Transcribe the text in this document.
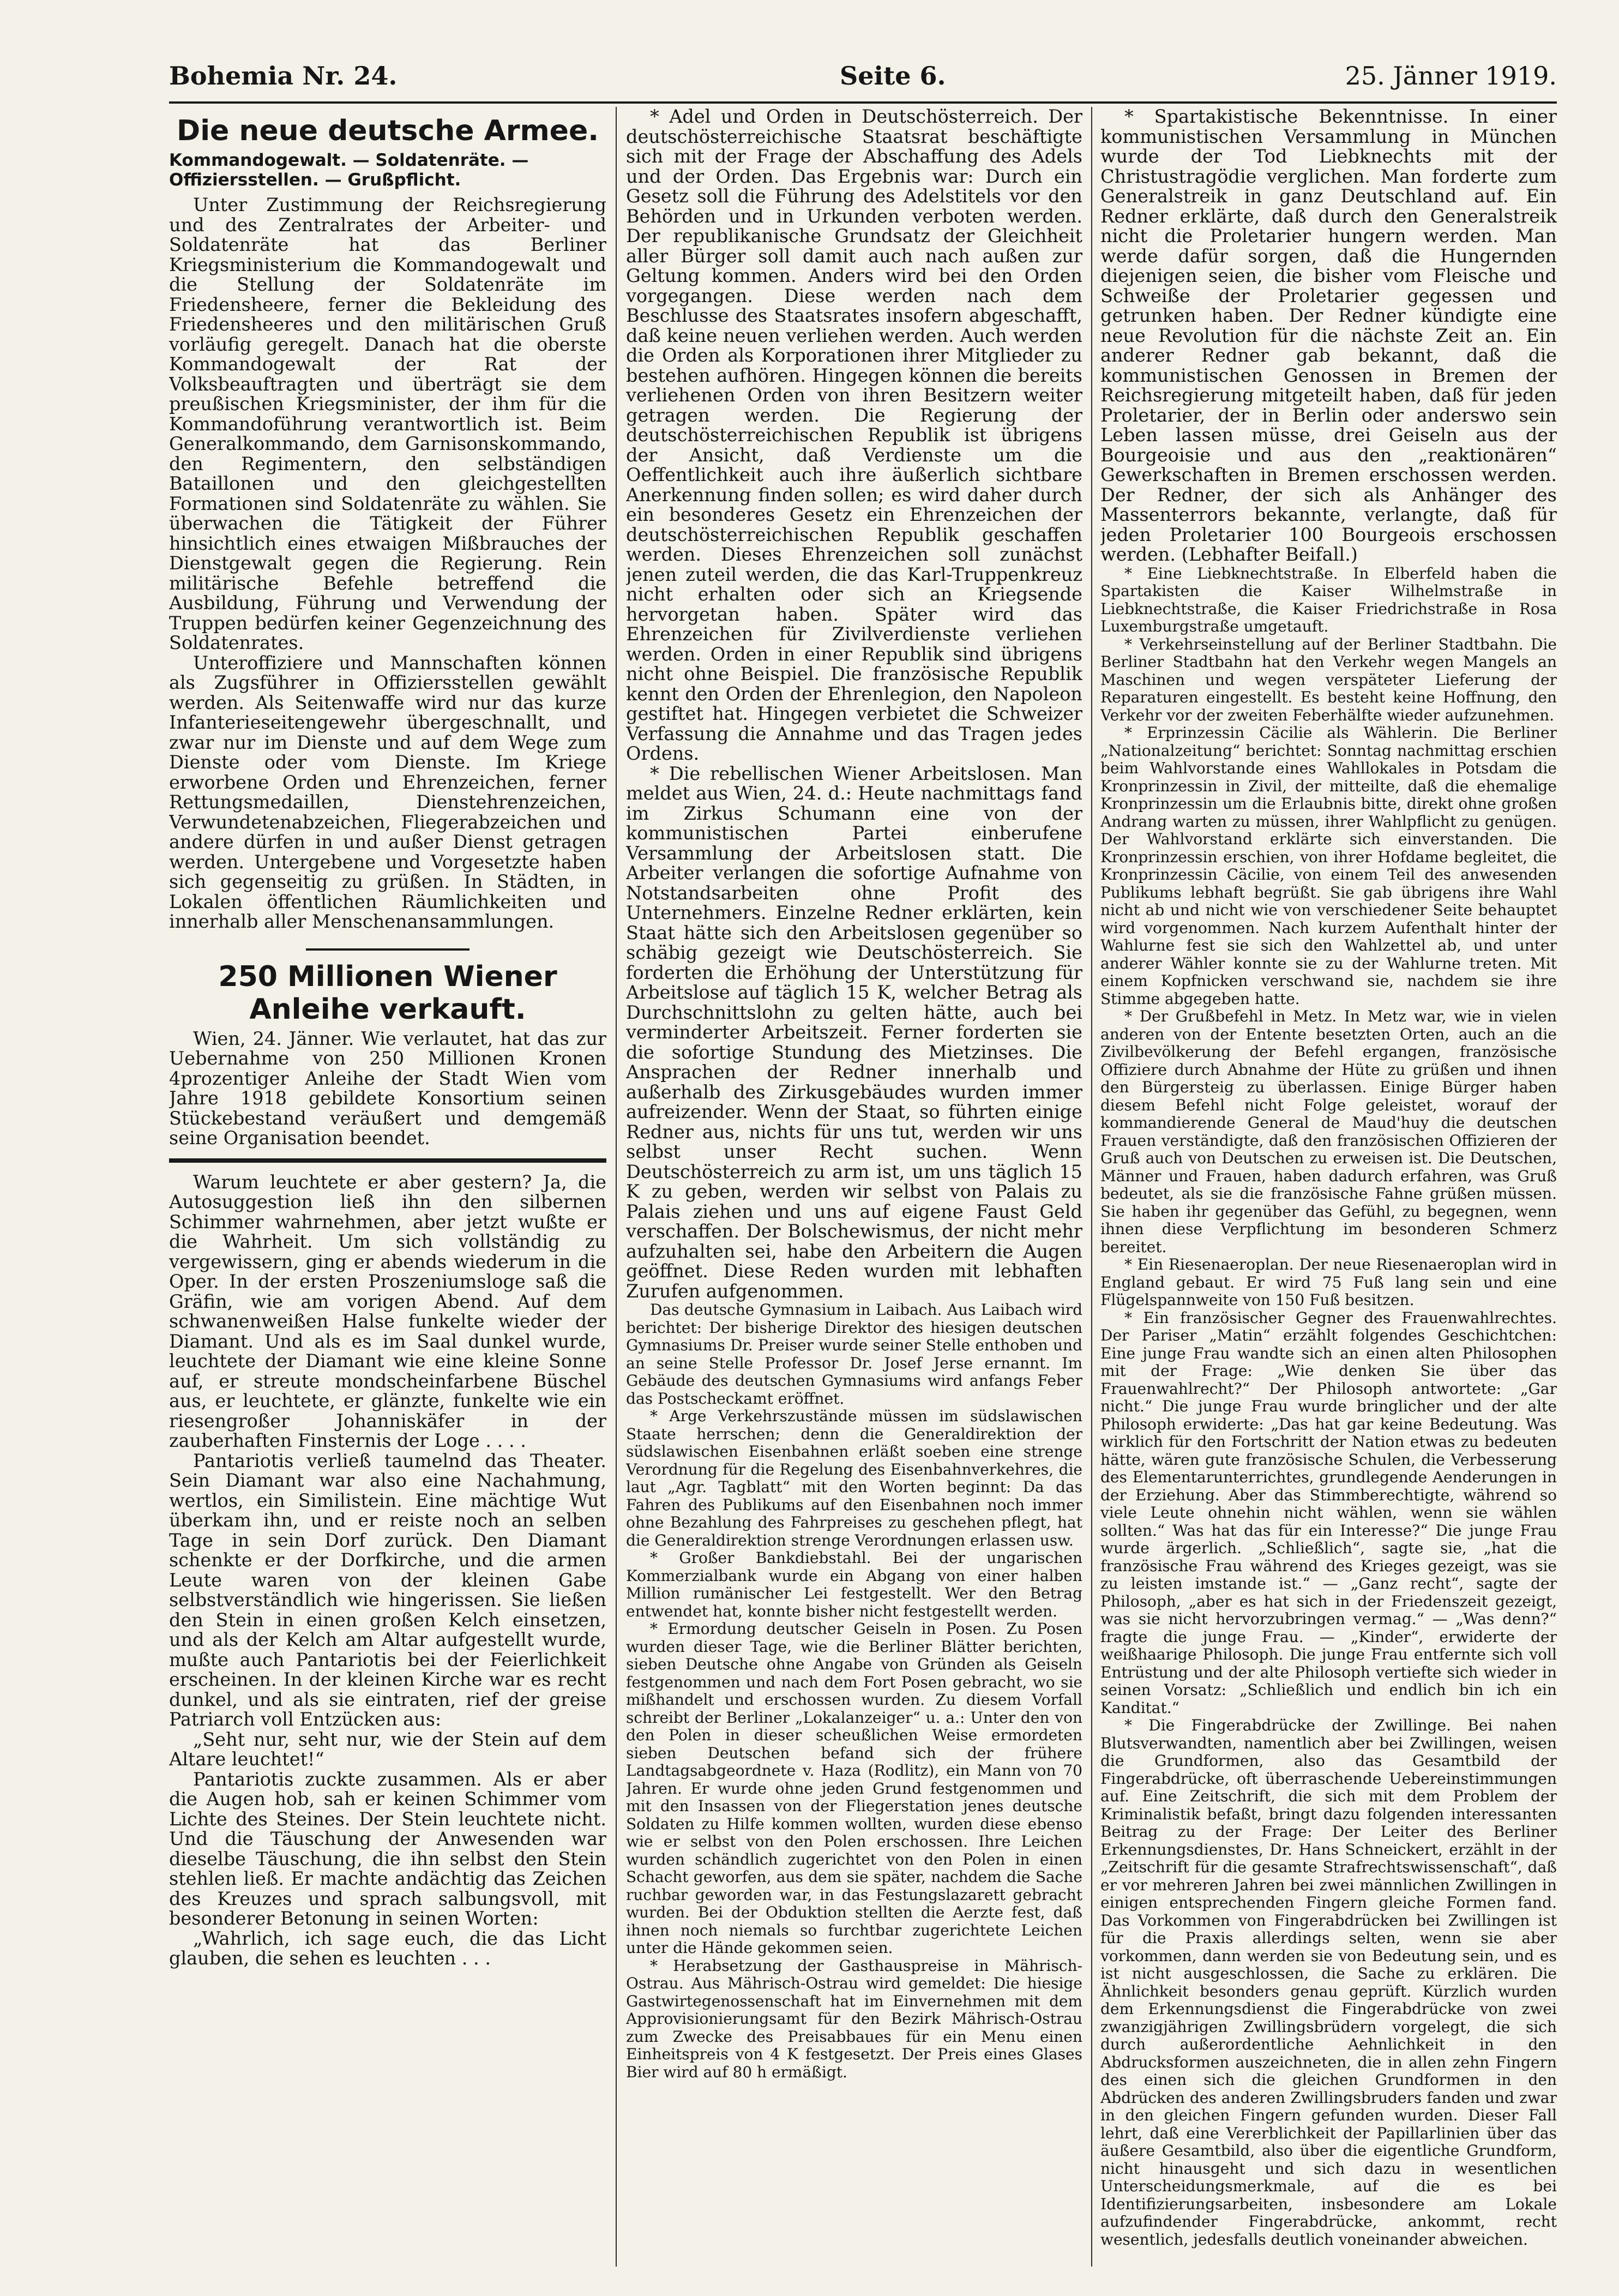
Bohemia Nr. 24.	Seite 6.	25. Jänner 1919.
Die neue deutsche Armee.
Kommandogewalt. — Soldatenräte. — Offiziersstellen. — Grußpflicht.

Unter Zustimmung der Reichsregierung und des Zentralrates der Arbeiter- und Soldatenräte hat das Berliner Kriegsministerium die Kommandogewalt und die Stellung der Soldatenräte im Friedensheere, ferner die Bekleidung des Friedensheeres und den militärischen Gruß vorläufig geregelt. Danach hat die oberste Kommandogewalt der Rat der Volksbeauftragten und überträgt sie dem preußischen Kriegsminister, der ihm für die Kommandoführung verantwortlich ist. Beim Generalkommando, dem Garnisonskommando, den Regimentern, den selbständigen Bataillonen und den gleichgestellten Formationen sind Soldatenräte zu wählen. Sie überwachen die Tätigkeit der Führer hinsichtlich eines etwaigen Mißbrauches der Dienstgewalt gegen die Regierung. Rein militärische Befehle betreffend die Ausbildung, Führung und Verwendung der Truppen bedürfen keiner Gegenzeichnung des Soldatenrates.

Unteroffiziere und Mannschaften können als Zugsführer in Offiziersstellen gewählt werden. Als Seitenwaffe wird nur das kurze Infanterieseitengewehr übergeschnallt, und zwar nur im Dienste und auf dem Wege zum Dienste oder vom Dienste. Im Kriege erworbene Orden und Ehrenzeichen, ferner Rettungsmedaillen, Dienstehrenzeichen, Verwundetenabzeichen, Fliegerabzeichen und andere dürfen in und außer Dienst getragen werden. Untergebene und Vorgesetzte haben sich gegenseitig zu grüßen. In Städten, in Lokalen öffentlichen Räumlichkeiten und innerhalb aller Menschenansammlungen.

250 Millionen Wiener Anleihe verkauft.

Wien, 24. Jänner. Wie verlautet, hat das zur Uebernahme von 250 Millionen Kronen 4prozentiger Anleihe der Stadt Wien vom Jahre 1918 gebildete Konsortium seinen Stückebestand veräußert und demgemäß seine Organisation beendet.

Warum leuchtete er aber gestern? Ja, die Autosuggestion ließ ihn den silbernen Schimmer wahrnehmen, aber jetzt wußte er die Wahrheit. Um sich vollständig zu vergewissern, ging er abends wiederum in die Oper. In der ersten Proszeniumsloge saß die Gräfin, wie am vorigen Abend. Auf dem schwanenweißen Halse funkelte wieder der Diamant. Und als es im Saal dunkel wurde, leuchtete der Diamant wie eine kleine Sonne auf, er streute mondscheinfarbene Büschel aus, er leuchtete, er glänzte, funkelte wie ein riesengroßer Johanniskäfer in der zauberhaften Finsternis der Loge . . . .

Pantariotis verließ taumelnd das Theater. Sein Diamant war also eine Nachahmung, wertlos, ein Similistein. Eine mächtige Wut überkam ihn, und er reiste noch an selben Tage in sein Dorf zurück. Den Diamant schenkte er der Dorfkirche, und die armen Leute waren von der kleinen Gabe selbstverständlich wie hingerissen. Sie ließen den Stein in einen großen Kelch einsetzen, und als der Kelch am Altar aufgestellt wurde, mußte auch Pantariotis bei der Feierlichkeit erscheinen. In der kleinen Kirche war es recht dunkel, und als sie eintraten, rief der greise Patriarch voll Entzücken aus:

„Seht nur, seht nur, wie der Stein auf dem Altare leuchtet!“

Pantariotis zuckte zusammen. Als er aber die Augen hob, sah er keinen Schimmer vom Lichte des Steines. Der Stein leuchtete nicht. Und die Täuschung der Anwesenden war dieselbe Täuschung, die ihn selbst den Stein stehlen ließ. Er machte andächtig das Zeichen des Kreuzes und sprach salbungsvoll, mit besonderer Betonung in seinen Worten:

„Wahrlich, ich sage euch, die das Licht glauben, die sehen es leuchten . . .

* Adel und Orden in Deutschösterreich. Der deutschösterreichische Staatsrat beschäftigte sich mit der Frage der Abschaffung des Adels und der Orden. Das Ergebnis war: Durch ein Gesetz soll die Führung des Adelstitels vor den Behörden und in Urkunden verboten werden. Der republikanische Grundsatz der Gleichheit aller Bürger soll damit auch nach außen zur Geltung kommen. Anders wird bei den Orden vorgegangen. Diese werden nach dem Beschlusse des Staatsrates insofern abgeschafft, daß keine neuen verliehen werden. Auch werden die Orden als Korporationen ihrer Mitglieder zu bestehen aufhören. Hingegen können die bereits verliehenen Orden von ihren Besitzern weiter getragen werden. Die Regierung der deutschösterreichischen Republik ist übrigens der Ansicht, daß Verdienste um die Oeffentlichkeit auch ihre äußerlich sichtbare Anerkennung finden sollen; es wird daher durch ein besonderes Gesetz ein Ehrenzeichen der deutschösterreichischen Republik geschaffen werden. Dieses Ehrenzeichen soll zunächst jenen zuteil werden, die das Karl-Truppenkreuz nicht erhalten oder sich an Kriegsende hervorgetan haben. Später wird das Ehrenzeichen für Zivilverdienste verliehen werden. Orden in einer Republik sind übrigens nicht ohne Beispiel. Die französische Republik kennt den Orden der Ehrenlegion, den Napoleon gestiftet hat. Hingegen verbietet die Schweizer Verfassung die Annahme und das Tragen jedes Ordens.

* Die rebellischen Wiener Arbeitslosen. Man meldet aus Wien, 24. d.: Heute nachmittags fand im Zirkus Schumann eine von der kommunistischen Partei einberufene Versammlung der Arbeitslosen statt. Die Arbeiter verlangen die sofortige Aufnahme von Notstandsarbeiten ohne Profit des Unternehmers. Einzelne Redner erklärten, kein Staat hätte sich den Arbeitslosen gegenüber so schäbig gezeigt wie Deutschösterreich. Sie forderten die Erhöhung der Unterstützung für Arbeitslose auf täglich 15 K, welcher Betrag als Durchschnittslohn zu gelten hätte, auch bei verminderter Arbeitszeit. Ferner forderten sie die sofortige Stundung des Mietzinses. Die Ansprachen der Redner innerhalb und außerhalb des Zirkusgebäudes wurden immer aufreizender. Wenn der Staat, so führten einige Redner aus, nichts für uns tut, werden wir uns selbst unser Recht suchen. Wenn Deutschösterreich zu arm ist, um uns täglich 15 K zu geben, werden wir selbst von Palais zu Palais ziehen und uns auf eigene Faust Geld verschaffen. Der Bolschewismus, der nicht mehr aufzuhalten sei, habe den Arbeitern die Augen geöffnet. Diese Reden wurden mit lebhaften Zurufen aufgenommen.

Das deutsche Gymnasium in Laibach. Aus Laibach wird berichtet: Der bisherige Direktor des hiesigen deutschen Gymnasiums Dr. Preiser wurde seiner Stelle enthoben und an seine Stelle Professor Dr. Josef Jerse ernannt. Im Gebäude des deutschen Gymnasiums wird anfangs Feber das Postscheckamt eröffnet.

* Arge Verkehrszustände müssen im südslawischen Staate herrschen; denn die Generaldirektion der südslawischen Eisenbahnen erläßt soeben eine strenge Verordnung für die Regelung des Eisenbahnverkehres, die laut „Agr. Tagblatt“ mit den Worten beginnt: Da das Fahren des Publikums auf den Eisenbahnen noch immer ohne Bezahlung des Fahrpreises zu geschehen pflegt, hat die Generaldirektion strenge Verordnungen erlassen usw.

* Großer Bankdiebstahl. Bei der ungarischen Kommerzialbank wurde ein Abgang von einer halben Million rumänischer Lei festgestellt. Wer den Betrag entwendet hat, konnte bisher nicht festgestellt werden.

* Ermordung deutscher Geiseln in Posen. Zu Posen wurden dieser Tage, wie die Berliner Blätter berichten, sieben Deutsche ohne Angabe von Gründen als Geiseln festgenommen und nach dem Fort Posen gebracht, wo sie mißhandelt und erschossen wurden. Zu diesem Vorfall schreibt der Berliner „Lokalanzeiger“ u. a.: Unter den von den Polen in dieser scheußlichen Weise ermordeten sieben Deutschen befand sich der frühere Landtagsabgeordnete v. Haza (Rodlitz), ein Mann von 70 Jahren. Er wurde ohne jeden Grund festgenommen und mit den Insassen von der Fliegerstation jenes deutsche Soldaten zu Hilfe kommen wollten, wurden diese ebenso wie er selbst von den Polen erschossen. Ihre Leichen wurden schändlich zugerichtet von den Polen in einen Schacht geworfen, aus dem sie später, nachdem die Sache ruchbar geworden war, in das Festungslazarett gebracht wurden. Bei der Obduktion stellten die Aerzte fest, daß ihnen noch niemals so furchtbar zugerichtete Leichen unter die Hände gekommen seien.

* Herabsetzung der Gasthauspreise in Mährisch-Ostrau. Aus Mährisch-Ostrau wird gemeldet: Die hiesige Gastwirtegenossenschaft hat im Einvernehmen mit dem Approvisionierungsamt für den Bezirk Mährisch-Ostrau zum Zwecke des Preisabbaues für ein Menu einen Einheitspreis von 4 K festgesetzt. Der Preis eines Glases Bier wird auf 80 h ermäßigt.

* Spartakistische Bekenntnisse. In einer kommunistischen Versammlung in München wurde der Tod Liebknechts mit der Christustragödie verglichen. Man forderte zum Generalstreik in ganz Deutschland auf. Ein Redner erklärte, daß durch den Generalstreik nicht die Proletarier hungern werden. Man werde dafür sorgen, daß die Hungernden diejenigen seien, die bisher vom Fleische und Schweiße der Proletarier gegessen und getrunken haben. Der Redner kündigte eine neue Revolution für die nächste Zeit an. Ein anderer Redner gab bekannt, daß die kommunistischen Genossen in Bremen der Reichsregierung mitgeteilt haben, daß für jeden Proletarier, der in Berlin oder anderswo sein Leben lassen müsse, drei Geiseln aus der Bourgeoisie und aus den „reaktionären“ Gewerkschaften in Bremen erschossen werden. Der Redner, der sich als Anhänger des Massenterrors bekannte, verlangte, daß für jeden Proletarier 100 Bourgeois erschossen werden. (Lebhafter Beifall.)

* Eine Liebknechtstraße. In Elberfeld haben die Spartakisten die Kaiser Wilhelmstraße in Liebknechtstraße, die Kaiser Friedrichstraße in Rosa Luxemburgstraße umgetauft.

* Verkehrseinstellung auf der Berliner Stadtbahn. Die Berliner Stadtbahn hat den Verkehr wegen Mangels an Maschinen und wegen verspäteter Lieferung der Reparaturen eingestellt. Es besteht keine Hoffnung, den Verkehr vor der zweiten Feberhälfte wieder aufzunehmen.

* Erprinzessin Cäcilie als Wählerin. Die Berliner „Nationalzeitung“ berichtet: Sonntag nachmittag erschien beim Wahlvorstande eines Wahllokales in Potsdam die Kronprinzessin in Zivil, der mitteilte, daß die ehemalige Kronprinzessin um die Erlaubnis bitte, direkt ohne großen Andrang warten zu müssen, ihrer Wahlpflicht zu genügen. Der Wahlvorstand erklärte sich einverstanden. Die Kronprinzessin erschien, von ihrer Hofdame begleitet, die Kronprinzessin Cäcilie, von einem Teil des anwesenden Publikums lebhaft begrüßt. Sie gab übrigens ihre Wahl nicht ab und nicht wie von verschiedener Seite behauptet wird vorgenommen. Nach kurzem Aufenthalt hinter der Wahlurne fest sie sich den Wahlzettel ab, und unter anderer Wähler konnte sie zu der Wahlurne treten. Mit einem Kopfnicken verschwand sie, nachdem sie ihre Stimme abgegeben hatte.

* Der Grußbefehl in Metz. In Metz war, wie in vielen anderen von der Entente besetzten Orten, auch an die Zivilbevölkerung der Befehl ergangen, französische Offiziere durch Abnahme der Hüte zu grüßen und ihnen den Bürgersteig zu überlassen. Einige Bürger haben diesem Befehl nicht Folge geleistet, worauf der kommandierende General de Maud'huy die deutschen Frauen verständigte, daß den französischen Offizieren der Gruß auch von Deutschen zu erweisen ist. Die Deutschen, Männer und Frauen, haben dadurch erfahren, was Gruß bedeutet, als sie die französische Fahne grüßen müssen. Sie haben ihr gegenüber das Gefühl, zu begegnen, wenn ihnen diese Verpflichtung im besonderen Schmerz bereitet.

* Ein Riesenaeroplan. Der neue Riesenaeroplan wird in England gebaut. Er wird 75 Fuß lang sein und eine Flügelspannweite von 150 Fuß besitzen.

* Ein französischer Gegner des Frauenwahlrechtes. Der Pariser „Matin“ erzählt folgendes Geschichtchen: Eine junge Frau wandte sich an einen alten Philosophen mit der Frage: „Wie denken Sie über das Frauenwahlrecht?“ Der Philosoph antwortete: „Gar nicht.“ Die junge Frau wurde bringlicher und der alte Philosoph erwiderte: „Das hat gar keine Bedeutung. Was wirklich für den Fortschritt der Nation etwas zu bedeuten hätte, wären gute französische Schulen, die Verbesserung des Elementarunterrichtes, grundlegende Aenderungen in der Erziehung. Aber das Stimmberechtigte, während so viele Leute ohnehin nicht wählen, wenn sie wählen sollten.“ Was hat das für ein Interesse?“ Die junge Frau wurde ärgerlich. „Schließlich“, sagte sie, „hat die französische Frau während des Krieges gezeigt, was sie zu leisten imstande ist.“ — „Ganz recht“, sagte der Philosoph, „aber es hat sich in der Friedenszeit gezeigt, was sie nicht hervorzubringen vermag.“ — „Was denn?“ fragte die junge Frau. — „Kinder“, erwiderte der weißhaarige Philosoph. Die junge Frau entfernte sich voll Entrüstung und der alte Philosoph vertiefte sich wieder in seinen Vorsatz: „Schließlich und endlich bin ich ein Kanditat.“

* Die Fingerabdrücke der Zwillinge. Bei nahen Blutsverwandten, namentlich aber bei Zwillingen, weisen die Grundformen, also das Gesamtbild der Fingerabdrücke, oft überraschende Uebereinstimmungen auf. Eine Zeitschrift, die sich mit dem Problem der Kriminalistik befaßt, bringt dazu folgenden interessanten Beitrag zu der Frage: Der Leiter des Berliner Erkennungsdienstes, Dr. Hans Schneickert, erzählt in der „Zeitschrift für die gesamte Strafrechtswissenschaft“, daß er vor mehreren Jahren bei zwei männlichen Zwillingen in einigen entsprechenden Fingern gleiche Formen fand. Das Vorkommen von Fingerabdrücken bei Zwillingen ist für die Praxis allerdings selten, wenn sie aber vorkommen, dann werden sie von Bedeutung sein, und es ist nicht ausgeschlossen, die Sache zu erklären. Die Ähnlichkeit besonders genau geprüft. Kürzlich wurden dem Erkennungsdienst die Fingerabdrücke von zwei zwanzigjährigen Zwillingsbrüdern vorgelegt, die sich durch außerordentliche Aehnlichkeit in den Abdrucksformen auszeichneten, die in allen zehn Fingern des einen sich die gleichen Grundformen in den Abdrücken des anderen Zwillingsbruders fanden und zwar in den gleichen Fingern gefunden wurden. Dieser Fall lehrt, daß eine Vererblichkeit der Papillarlinien über das äußere Gesamtbild, also über die eigentliche Grundform, nicht hinausgeht und sich dazu in wesentlichen Unterscheidungsmerkmale, auf die es bei Identifizierungsarbeiten, insbesondere am Lokale aufzufindender Fingerabdrücke, ankommt, recht wesentlich, jedesfalls deutlich voneinander abweichen.
